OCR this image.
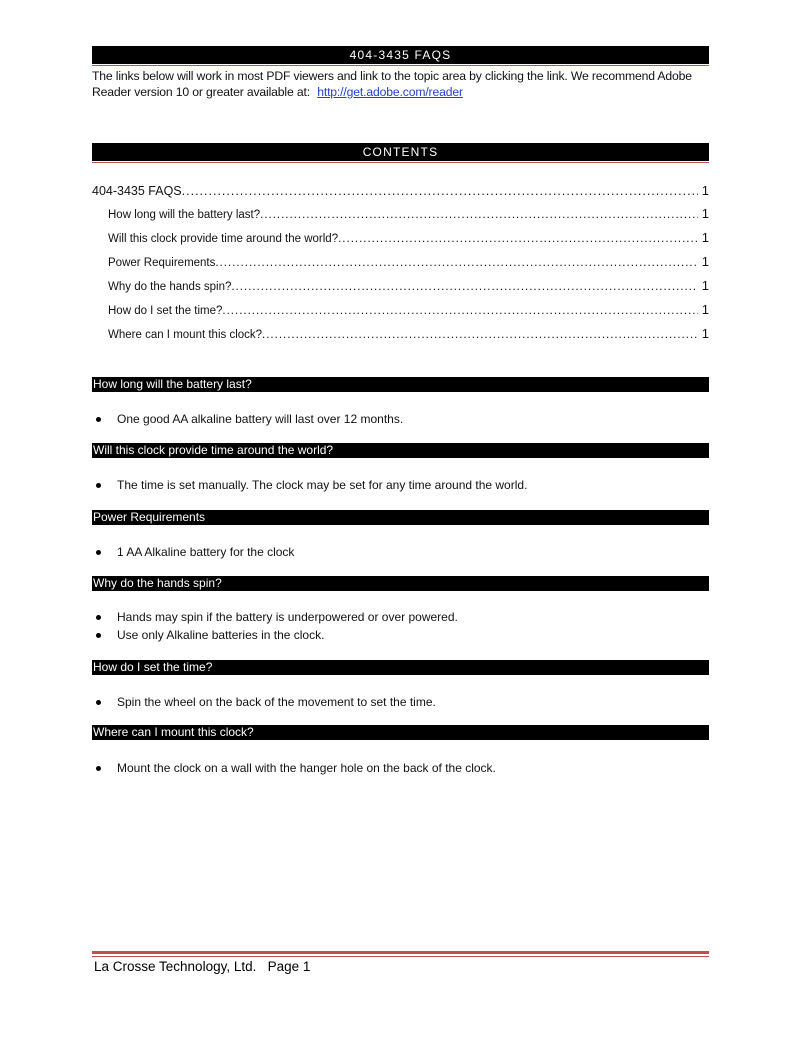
404-3435 FAQS
The links below will work in most PDF viewers and link to the topic area by clicking the link. We recommend Adobe Reader version 10 or greater available at: http://get.adobe.com/reader
CONTENTS
404-3435 FAQS .....	1
How long will the battery last? .....	1
Will this clock provide time around the world? .....	1
Power Requirements .....	1
Why do the hands spin? .....	1
How do I set the time? .....	1
Where can I mount this clock? .....	1
How long will the battery last?
One good AA alkaline battery will last over 12 months.
Will this clock provide time around the world?
The time is set manually. The clock may be set for any time around the world.
Power Requirements
1 AA Alkaline battery for the clock
Why do the hands spin?
Hands may spin if the battery is underpowered or over powered.
Use only Alkaline batteries in the clock.
How do I set the time?
Spin the wheel on the back of the movement to set the time.
Where can I mount this clock?
Mount the clock on a wall with the hanger hole on the back of the clock.
La Crosse Technology, Ltd.   Page 1
